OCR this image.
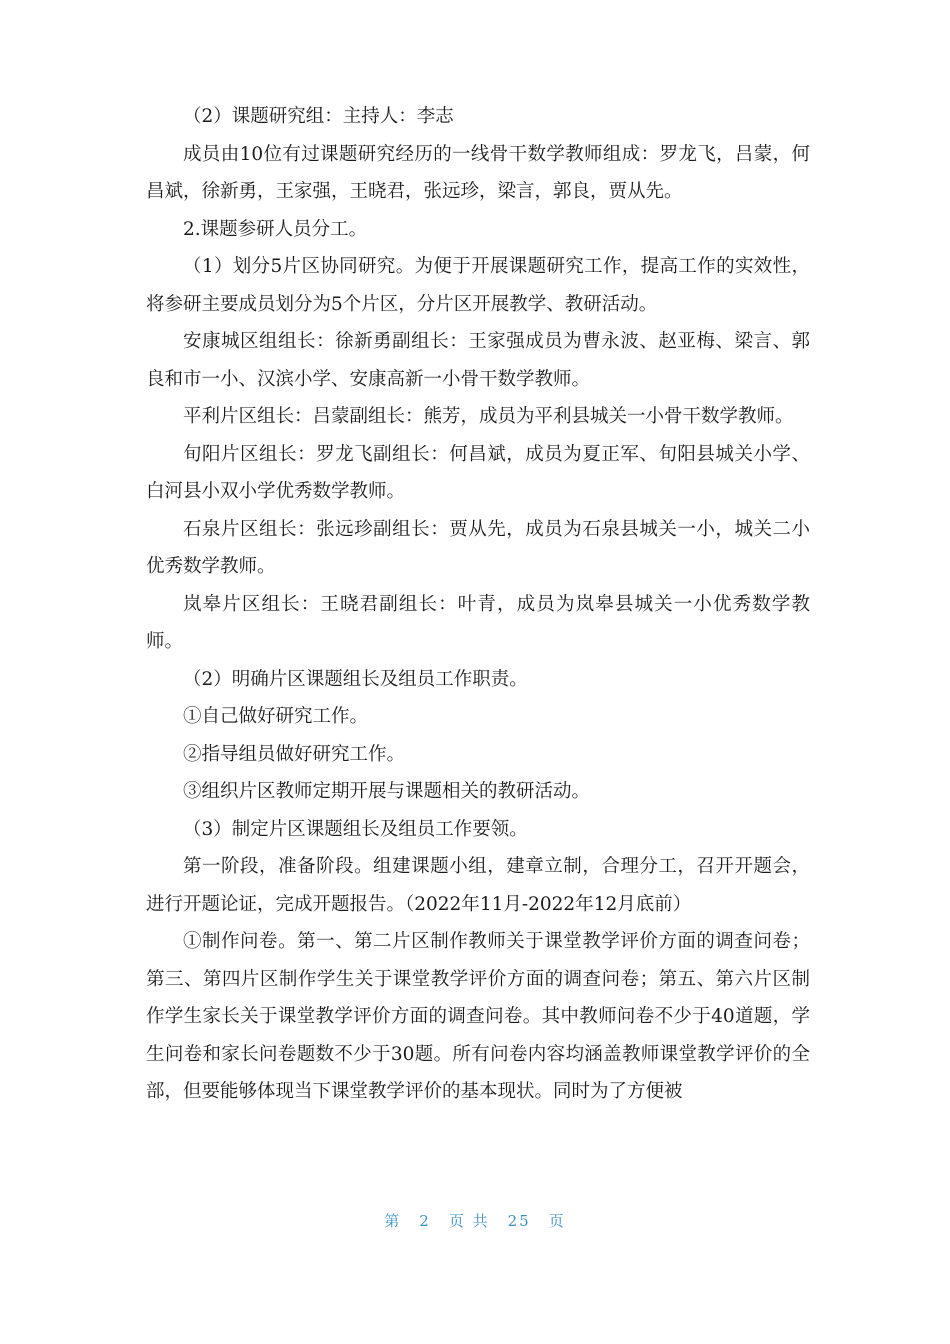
（2）课题研究组：主持人：李志

成员由10位有过课题研究经历的一线骨干数学教师组成：罗龙飞，吕蒙，何昌斌，徐新勇，王家强，王晓君，张远珍，梁言，郭良，贾从先。

2.课题参研人员分工。

（1）划分5片区协同研究。为便于开展课题研究工作，提高工作的实效性，将参研主要成员划分为5个片区，分片区开展教学、教研活动。

安康城区组组长：徐新勇副组长：王家强成员为曹永波、赵亚梅、梁言、郭良和市一小、汉滨小学、安康高新一小骨干数学教师。

平利片区组长：吕蒙副组长：熊芳，成员为平利县城关一小骨干数学教师。

旬阳片区组长：罗龙飞副组长：何昌斌，成员为夏正军、旬阳县城关小学、白河县小双小学优秀数学教师。

石泉片区组长：张远珍副组长：贾从先，成员为石泉县城关一小，城关二小优秀数学教师。

岚皋片区组长：王晓君副组长：叶青，成员为岚皋县城关一小优秀数学教师。

（2）明确片区课题组长及组员工作职责。

①自己做好研究工作。

②指导组员做好研究工作。

③组织片区教师定期开展与课题相关的教研活动。

（3）制定片区课题组长及组员工作要领。

第一阶段，准备阶段。组建课题小组，建章立制，合理分工，召开开题会，进行开题论证，完成开题报告。（2022年11月-2022年12月底前）

①制作问卷。第一、第二片区制作教师关于课堂教学评价方面的调查问卷；第三、第四片区制作学生关于课堂教学评价方面的调查问卷；第五、第六片区制作学生家长关于课堂教学评价方面的调查问卷。其中教师问卷不少于40道题，学生问卷和家长问卷题数不少于30题。所有问卷内容均涵盖教师课堂教学评价的全部，但要能够体现当下课堂教学评价的基本现状。同时为了方便被

第 2 页 共 25 页
